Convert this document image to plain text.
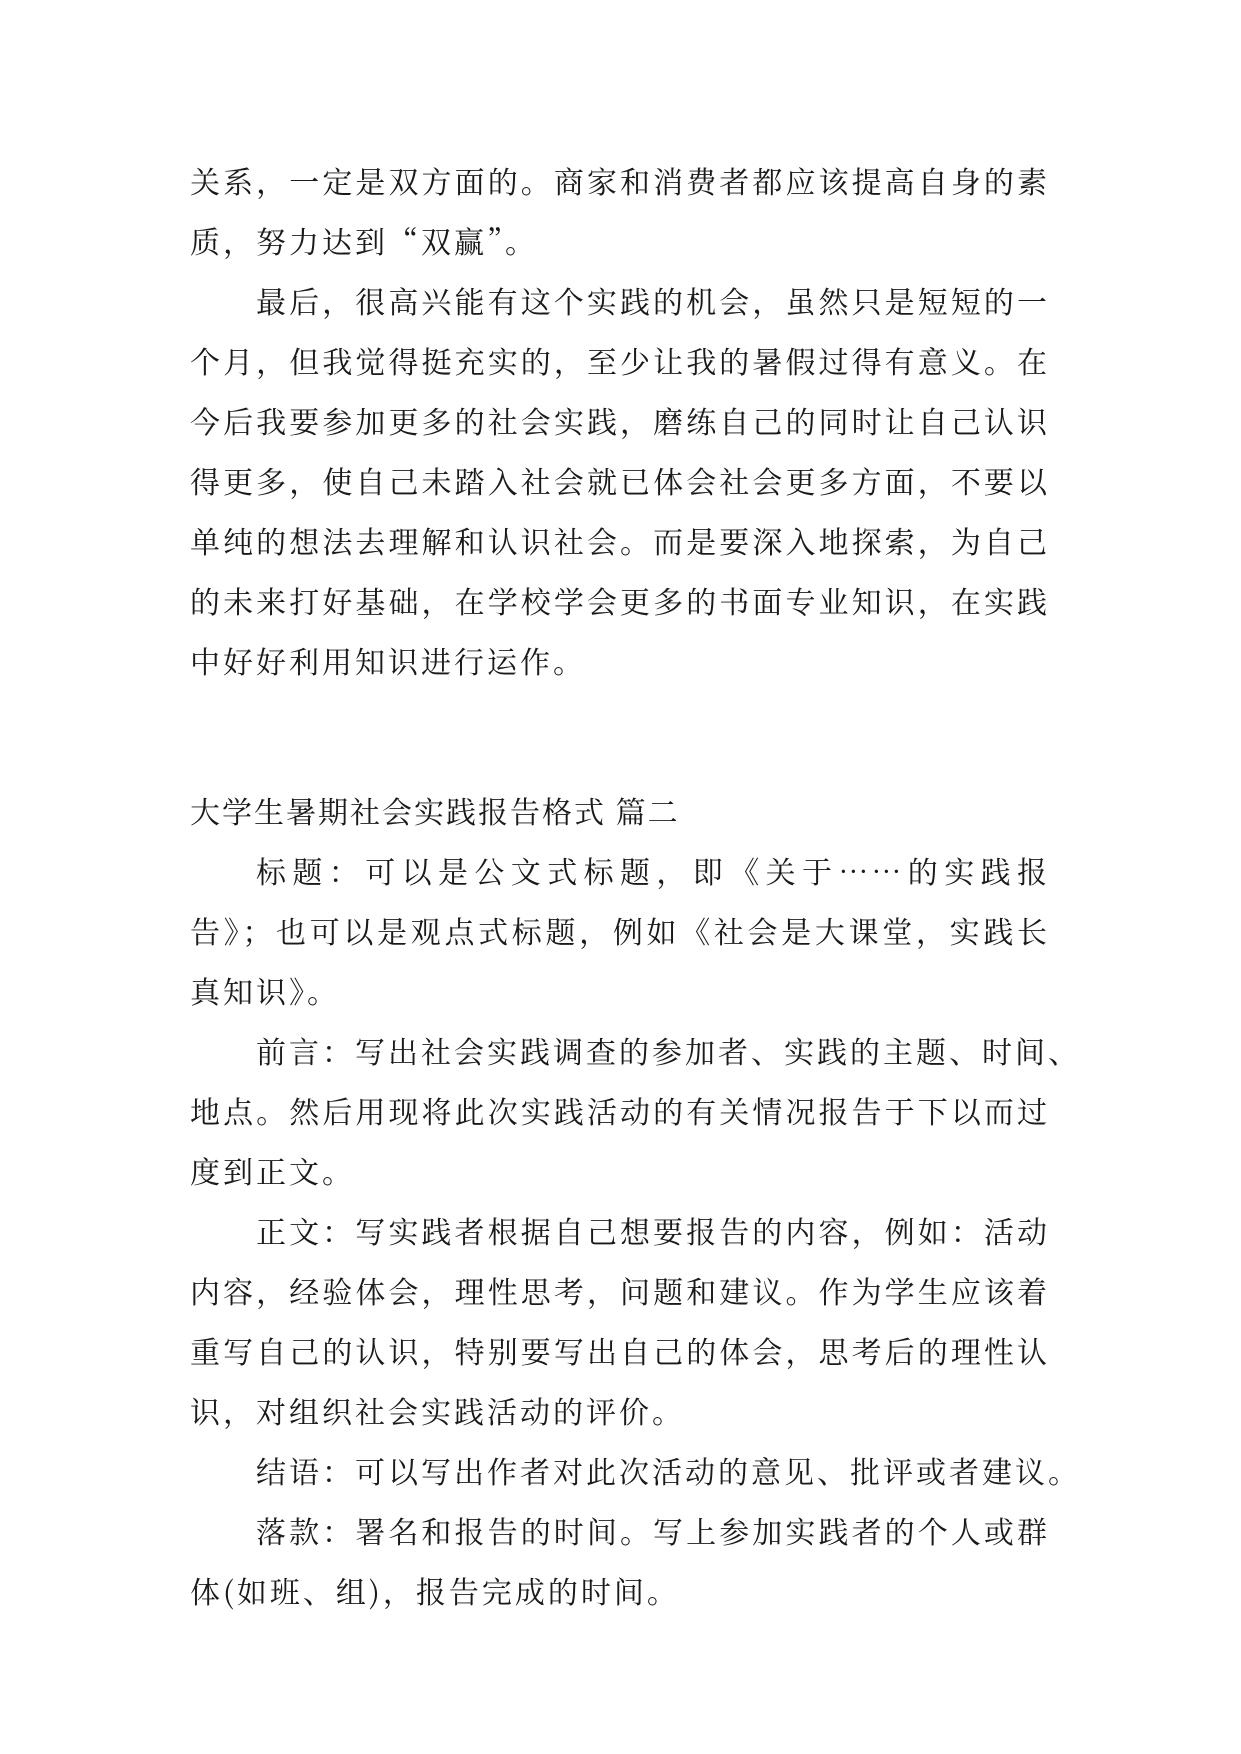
关系，一定是双方面的。商家和消费者都应该提高自身的素
质，努力达到“双赢”。
最后，很高兴能有这个实践的机会，虽然只是短短的一
个月，但我觉得挺充实的，至少让我的暑假过得有意义。在
今后我要参加更多的社会实践，磨练自己的同时让自己认识
得更多，使自己未踏入社会就已体会社会更多方面，不要以
单纯的想法去理解和认识社会。而是要深入地探索，为自己
的未来打好基础，在学校学会更多的书面专业知识，在实践
中好好利用知识进行运作。
大学生暑期社会实践报告格式 篇二
标题：可以是公文式标题，即《关于……的实践报
告》；也可以是观点式标题，例如《社会是大课堂，实践长
真知识》。
前言：写出社会实践调查的参加者、实践的主题、时间、
地点。然后用现将此次实践活动的有关情况报告于下以而过
度到正文。
正文：写实践者根据自己想要报告的内容，例如：活动
内容，经验体会，理性思考，问题和建议。作为学生应该着
重写自己的认识，特别要写出自己的体会，思考后的理性认
识，对组织社会实践活动的评价。
结语：可以写出作者对此次活动的意见、批评或者建议。
落款：署名和报告的时间。写上参加实践者的个人或群
体(如班、组)，报告完成的时间。
